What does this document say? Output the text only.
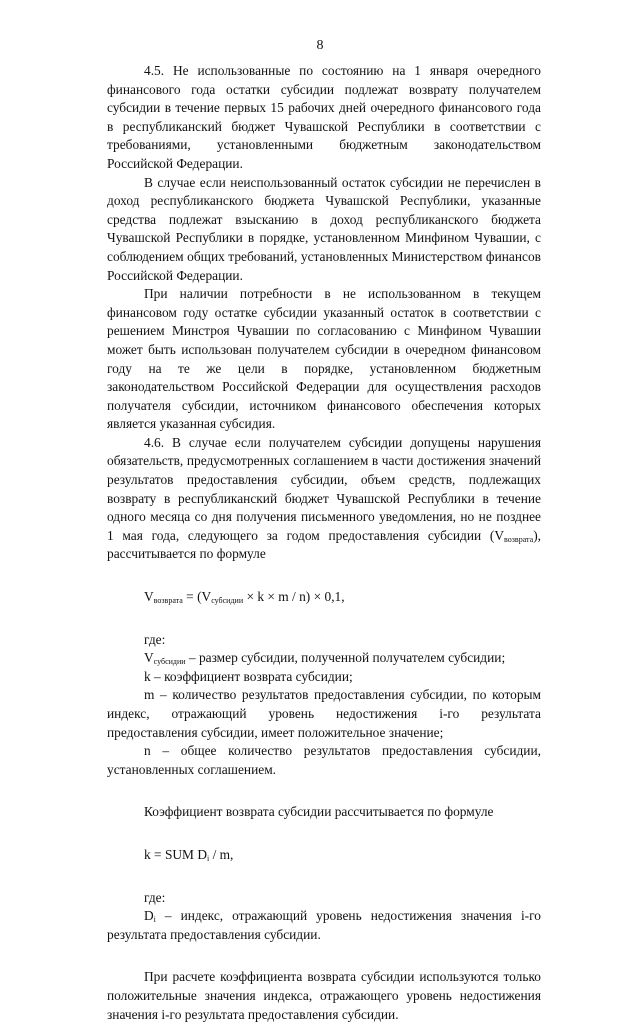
8

4.5. Не использованные по состоянию на 1 января очередного финансового года остатки субсидии подлежат возврату получателем субсидии в течение первых 15 рабочих дней очередного финансового года в республиканский бюджет Чувашской Республики в соответствии с требованиями, установленными бюджетным законодательством Российской Федерации.

В случае если неиспользованный остаток субсидии не перечислен в доход республиканского бюджета Чувашской Республики, указанные средства подлежат взысканию в доход республиканского бюджета Чувашской Республики в порядке, установленном Минфином Чувашии, с соблюдением общих требований, установленных Министерством финансов Российской Федерации.

При наличии потребности в не использованном в текущем финансовом году остатке субсидии указанный остаток в соответствии с решением Минстроя Чувашии по согласованию с Минфином Чувашии может быть использован получателем субсидии в очередном финансовом году на те же цели в порядке, установленном бюджетным законодательством Российской Федерации для осуществления расходов получателя субсидии, источником финансового обеспечения которых является указанная субсидия.

4.6. В случае если получателем субсидии допущены нарушения обязательств, предусмотренных соглашением в части достижения значений результатов предоставления субсидии, объем средств, подлежащих возврату в республиканский бюджет Чувашской Республики в течение одного месяца со дня получения письменного уведомления, но не позднее 1 мая года, следующего за годом предоставления субсидии $(V_{возврата})$, рассчитывается по формуле

$V_{возврата} = (V_{субсидии} \times k \times m / n) \times 0,1$,

где:

$V_{субсидии}$ – размер субсидии, полученной получателем субсидии;

k – коэффициент возврата субсидии;

m – количество результатов предоставления субсидии, по которым индекс, отражающий уровень недостижения i-го результата предоставления субсидии, имеет положительное значение;

n – общее количество результатов предоставления субсидии, установленных соглашением.

Коэффициент возврата субсидии рассчитывается по формуле

k = SUM $D_i$ / m,

где:

$D_i$ – индекс, отражающий уровень недостижения значения i-го результата предоставления субсидии.

При расчете коэффициента возврата субсидии используются только положительные значения индекса, отражающего уровень недостижения значения i-го результата предоставления субсидии.
